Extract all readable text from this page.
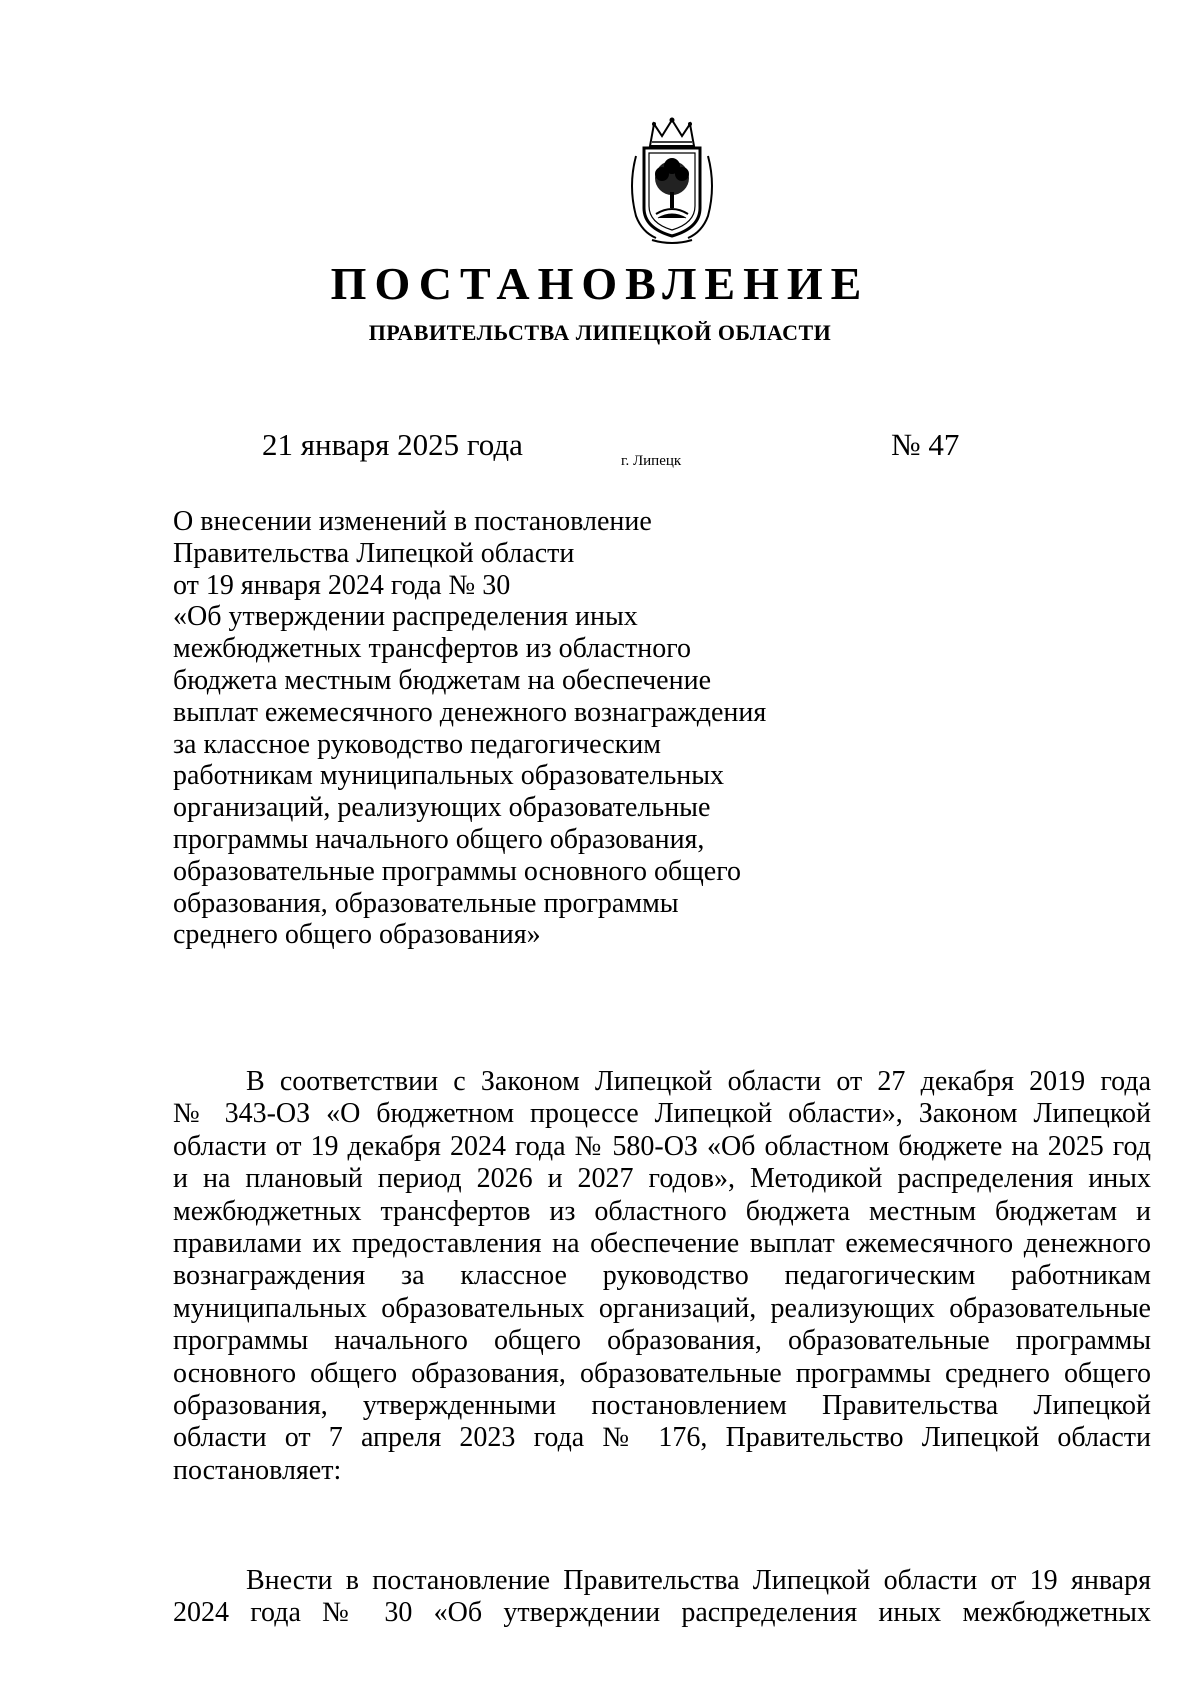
ПОСТАНОВЛЕНИЕ
ПРАВИТЕЛЬСТВА ЛИПЕЦКОЙ ОБЛАСТИ
21 января 2025 года	г. Липецк	№ 47
О внесении изменений в постановление
Правительства Липецкой области
от 19 января 2024 года № 30
«Об утверждении распределения иных
межбюджетных трансфертов из областного
бюджета местным бюджетам на обеспечение
выплат ежемесячного денежного вознаграждения
за классное руководство педагогическим
работникам муниципальных образовательных
организаций, реализующих образовательные
программы начального общего образования,
образовательные программы основного общего
образования, образовательные программы
среднего общего образования»
В соответствии с Законом Липецкой области от 27 декабря 2019 года
№ 343-ОЗ «О бюджетном процессе Липецкой области», Законом Липецкой
области от 19 декабря 2024 года № 580-ОЗ «Об областном бюджете на 2025 год
и на плановый период 2026 и 2027 годов», Методикой распределения иных
межбюджетных трансфертов из областного бюджета местным бюджетам и
правилами их предоставления на обеспечение выплат ежемесячного денежного
вознаграждения за классное руководство педагогическим работникам
муниципальных образовательных организаций, реализующих образовательные
программы начального общего образования, образовательные программы
основного общего образования, образовательные программы среднего общего
образования, утвержденными постановлением Правительства Липецкой
области от 7 апреля 2023 года № 176, Правительство Липецкой области
постановляет:
Внести в постановление Правительства Липецкой области от 19 января
2024 года № 30 «Об утверждении распределения иных межбюджетных
